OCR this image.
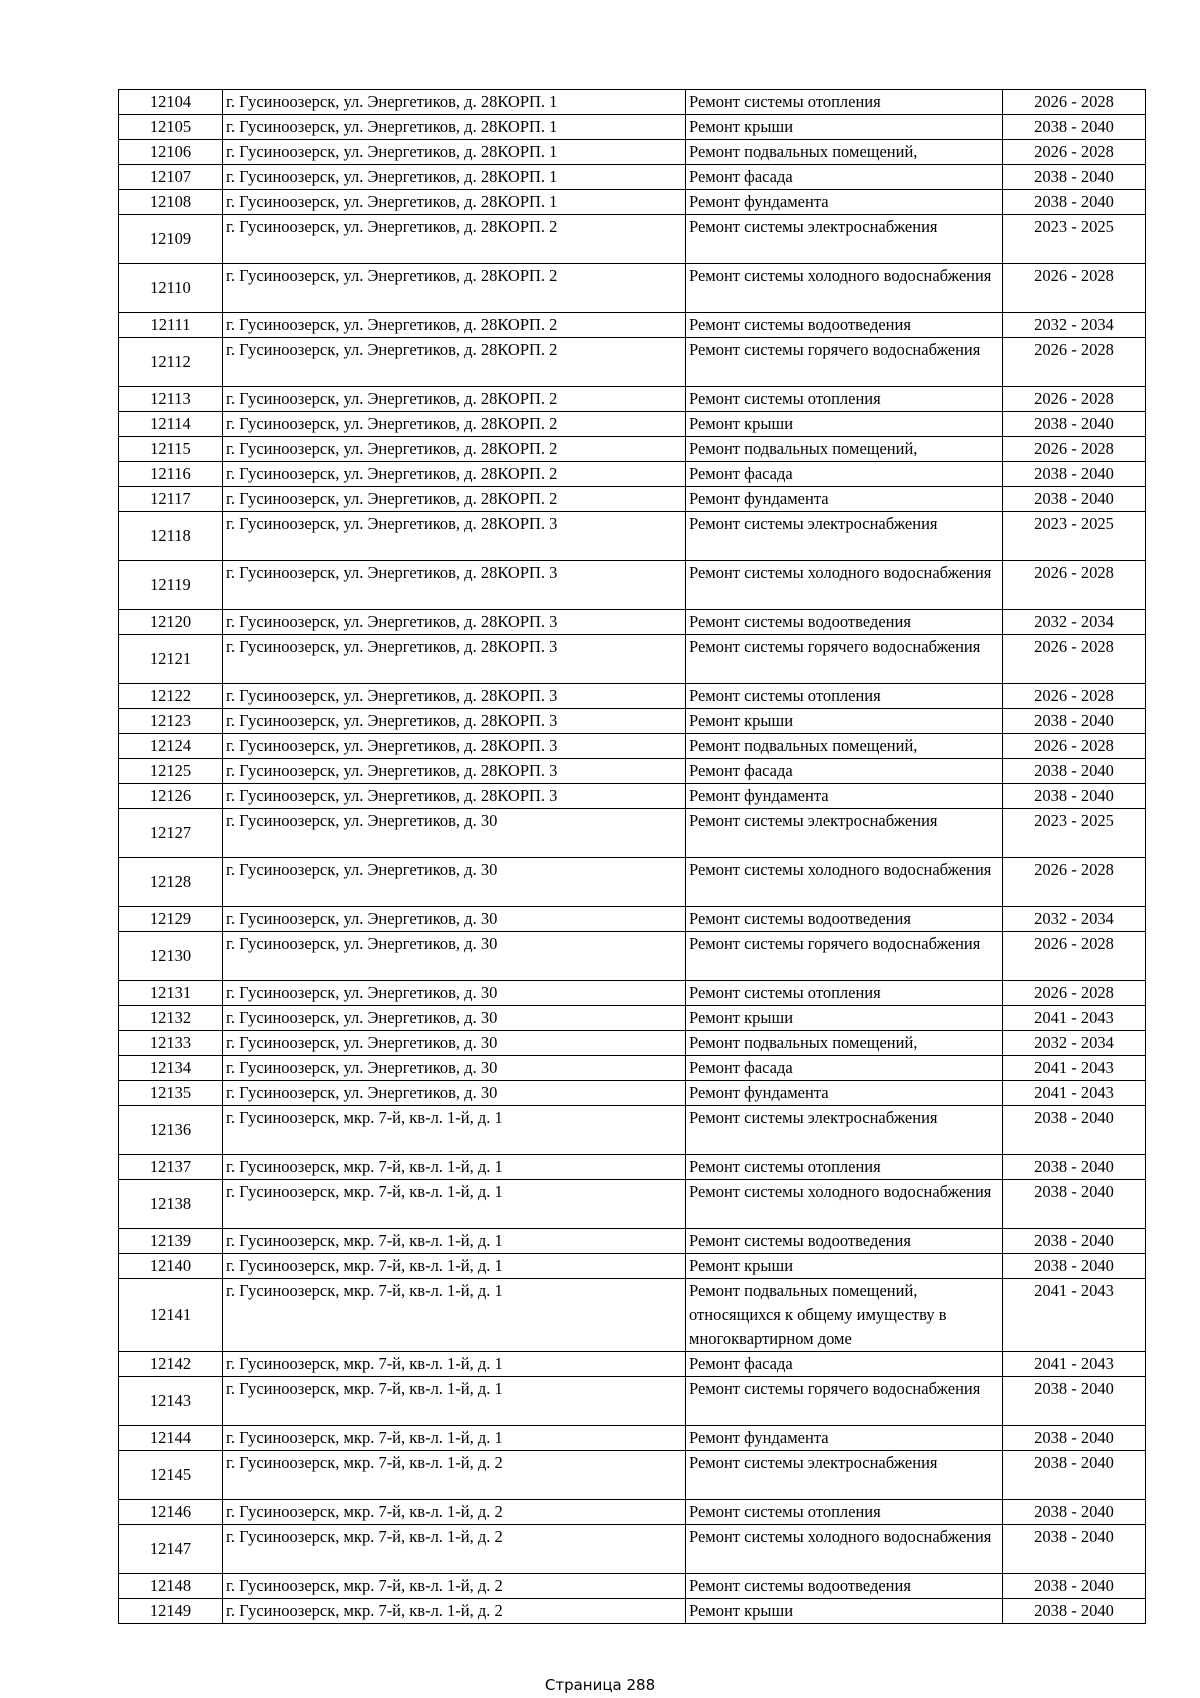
12104	г. Гусиноозерск, ул. Энергетиков, д. 28КОРП. 1	Ремонт системы отопления	2026 - 2028
12105	г. Гусиноозерск, ул. Энергетиков, д. 28КОРП. 1	Ремонт крыши	2038 - 2040
12106	г. Гусиноозерск, ул. Энергетиков, д. 28КОРП. 1	Ремонт подвальных помещений,	2026 - 2028
12107	г. Гусиноозерск, ул. Энергетиков, д. 28КОРП. 1	Ремонт фасада	2038 - 2040
12108	г. Гусиноозерск, ул. Энергетиков, д. 28КОРП. 1	Ремонт фундамента	2038 - 2040
12109	г. Гусиноозерск, ул. Энергетиков, д. 28КОРП. 2	Ремонт системы электроснабжения	2023 - 2025
12110	г. Гусиноозерск, ул. Энергетиков, д. 28КОРП. 2	Ремонт системы холодного водоснабжения	2026 - 2028
12111	г. Гусиноозерск, ул. Энергетиков, д. 28КОРП. 2	Ремонт системы водоотведения	2032 - 2034
12112	г. Гусиноозерск, ул. Энергетиков, д. 28КОРП. 2	Ремонт системы горячего водоснабжения	2026 - 2028
12113	г. Гусиноозерск, ул. Энергетиков, д. 28КОРП. 2	Ремонт системы отопления	2026 - 2028
12114	г. Гусиноозерск, ул. Энергетиков, д. 28КОРП. 2	Ремонт крыши	2038 - 2040
12115	г. Гусиноозерск, ул. Энергетиков, д. 28КОРП. 2	Ремонт подвальных помещений,	2026 - 2028
12116	г. Гусиноозерск, ул. Энергетиков, д. 28КОРП. 2	Ремонт фасада	2038 - 2040
12117	г. Гусиноозерск, ул. Энергетиков, д. 28КОРП. 2	Ремонт фундамента	2038 - 2040
12118	г. Гусиноозерск, ул. Энергетиков, д. 28КОРП. 3	Ремонт системы электроснабжения	2023 - 2025
12119	г. Гусиноозерск, ул. Энергетиков, д. 28КОРП. 3	Ремонт системы холодного водоснабжения	2026 - 2028
12120	г. Гусиноозерск, ул. Энергетиков, д. 28КОРП. 3	Ремонт системы водоотведения	2032 - 2034
12121	г. Гусиноозерск, ул. Энергетиков, д. 28КОРП. 3	Ремонт системы горячего водоснабжения	2026 - 2028
12122	г. Гусиноозерск, ул. Энергетиков, д. 28КОРП. 3	Ремонт системы отопления	2026 - 2028
12123	г. Гусиноозерск, ул. Энергетиков, д. 28КОРП. 3	Ремонт крыши	2038 - 2040
12124	г. Гусиноозерск, ул. Энергетиков, д. 28КОРП. 3	Ремонт подвальных помещений,	2026 - 2028
12125	г. Гусиноозерск, ул. Энергетиков, д. 28КОРП. 3	Ремонт фасада	2038 - 2040
12126	г. Гусиноозерск, ул. Энергетиков, д. 28КОРП. 3	Ремонт фундамента	2038 - 2040
12127	г. Гусиноозерск, ул. Энергетиков, д. 30	Ремонт системы электроснабжения	2023 - 2025
12128	г. Гусиноозерск, ул. Энергетиков, д. 30	Ремонт системы холодного водоснабжения	2026 - 2028
12129	г. Гусиноозерск, ул. Энергетиков, д. 30	Ремонт системы водоотведения	2032 - 2034
12130	г. Гусиноозерск, ул. Энергетиков, д. 30	Ремонт системы горячего водоснабжения	2026 - 2028
12131	г. Гусиноозерск, ул. Энергетиков, д. 30	Ремонт системы отопления	2026 - 2028
12132	г. Гусиноозерск, ул. Энергетиков, д. 30	Ремонт крыши	2041 - 2043
12133	г. Гусиноозерск, ул. Энергетиков, д. 30	Ремонт подвальных помещений,	2032 - 2034
12134	г. Гусиноозерск, ул. Энергетиков, д. 30	Ремонт фасада	2041 - 2043
12135	г. Гусиноозерск, ул. Энергетиков, д. 30	Ремонт фундамента	2041 - 2043
12136	г. Гусиноозерск, мкр. 7-й, кв-л. 1-й, д. 1	Ремонт системы электроснабжения	2038 - 2040
12137	г. Гусиноозерск, мкр. 7-й, кв-л. 1-й, д. 1	Ремонт системы отопления	2038 - 2040
12138	г. Гусиноозерск, мкр. 7-й, кв-л. 1-й, д. 1	Ремонт системы холодного водоснабжения	2038 - 2040
12139	г. Гусиноозерск, мкр. 7-й, кв-л. 1-й, д. 1	Ремонт системы водоотведения	2038 - 2040
12140	г. Гусиноозерск, мкр. 7-й, кв-л. 1-й, д. 1	Ремонт крыши	2038 - 2040
12141	г. Гусиноозерск, мкр. 7-й, кв-л. 1-й, д. 1	Ремонт подвальных помещений, относящихся к общему имуществу в многоквартирном доме	2041 - 2043
12142	г. Гусиноозерск, мкр. 7-й, кв-л. 1-й, д. 1	Ремонт фасада	2041 - 2043
12143	г. Гусиноозерск, мкр. 7-й, кв-л. 1-й, д. 1	Ремонт системы горячего водоснабжения	2038 - 2040
12144	г. Гусиноозерск, мкр. 7-й, кв-л. 1-й, д. 1	Ремонт фундамента	2038 - 2040
12145	г. Гусиноозерск, мкр. 7-й, кв-л. 1-й, д. 2	Ремонт системы электроснабжения	2038 - 2040
12146	г. Гусиноозерск, мкр. 7-й, кв-л. 1-й, д. 2	Ремонт системы отопления	2038 - 2040
12147	г. Гусиноозерск, мкр. 7-й, кв-л. 1-й, д. 2	Ремонт системы холодного водоснабжения	2038 - 2040
12148	г. Гусиноозерск, мкр. 7-й, кв-л. 1-й, д. 2	Ремонт системы водоотведения	2038 - 2040
12149	г. Гусиноозерск, мкр. 7-й, кв-л. 1-й, д. 2	Ремонт крыши	2038 - 2040
Страница 288
